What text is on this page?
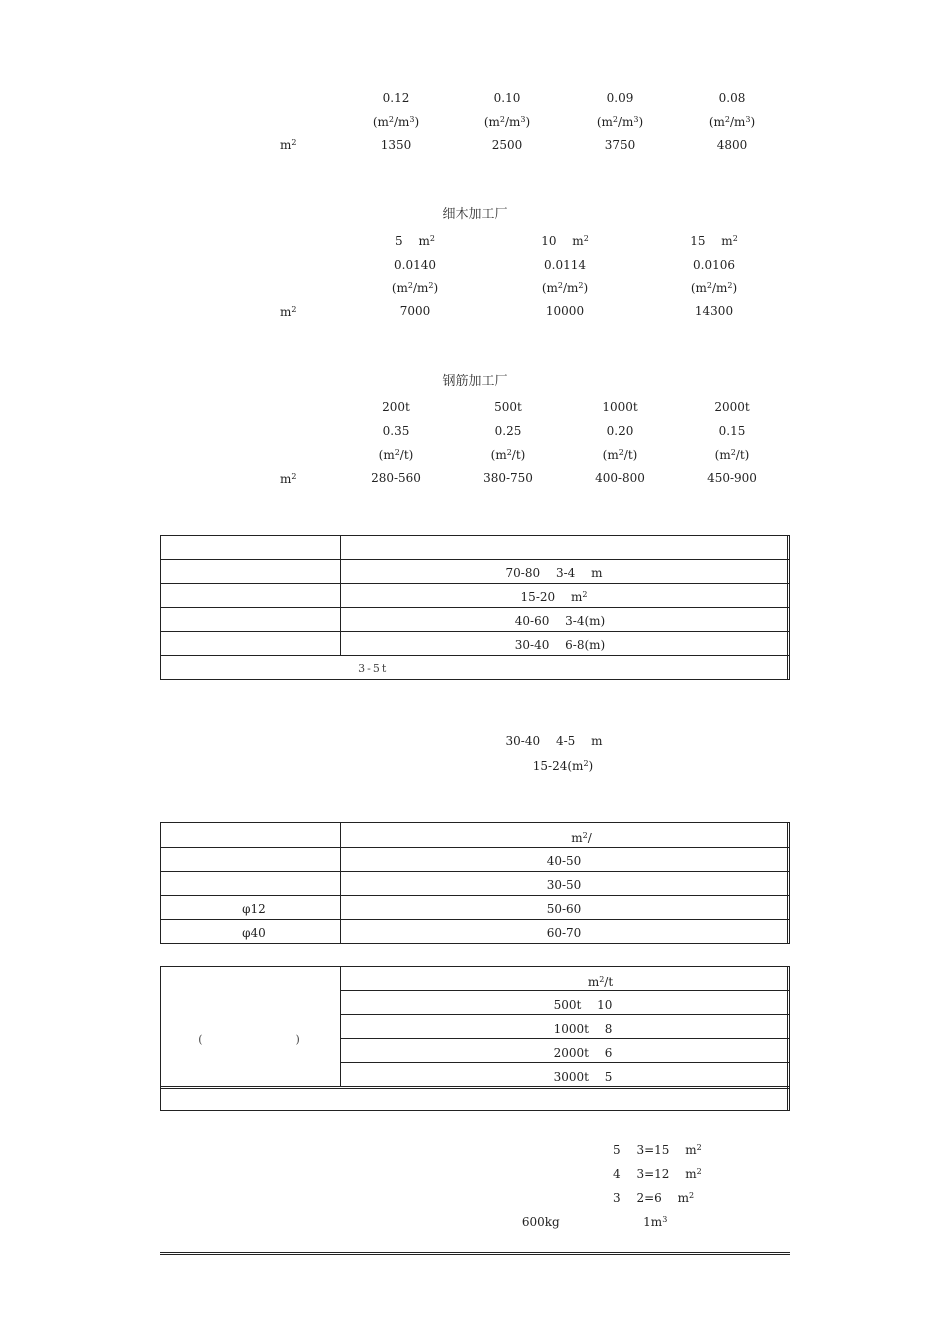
0.12	0.10	0.09	0.08
$(m^2/m^3)$	$(m^2/m^3)$	$(m^2/m^3)$	$(m^2/m^3)$

$m^2$　	1350	2500	3750	4800

细木加工厂

5　 $m^2$	10　 $m^2$	15　 $m^2$

0.0140	0.0114	0.0106
$(m^2/m^2)$	$(m^2/m^2)$	$(m^2/m^2)$

$m^2$　	7000	10000	14300

钢筋加工厂

200t	500t	1000t	2000t

0.35	0.25	0.20	0.15
$(m^2/t)$	$(m^2/t)$	$(m^2/t)$	$(m^2/t)$

$m^2$　	280-560	380-750	400-800	450-900

70-80　 3-4　 m　

15-20　 $m^2$　

40-60　 3-4(m)

30-40　 6-8(m)
　　　　　 3-5t　　　　　　　　　　　　　　　　　　　　

30-40　 4-5　 m　

$15-24(m^2)$

　　　　　　$m^2/$　　

40-50

30-50
　　　 φ12　　	50-60
　　　 φ40　　	60-70

(　　　　　　　)
　　　　　　　$m^2/t$　
　　　500t　 10
　　　1000t　 8
　　　2000t　 6
　　　3000t　 5

5　 3=15　 $m^2$　
4　 3=12　 $m^2$　
3　 2=6　 $m^2$　
　　　　　　　　　　　　　　　　　　　　 600kg　 　　　　　	$1m^3$　 　　
